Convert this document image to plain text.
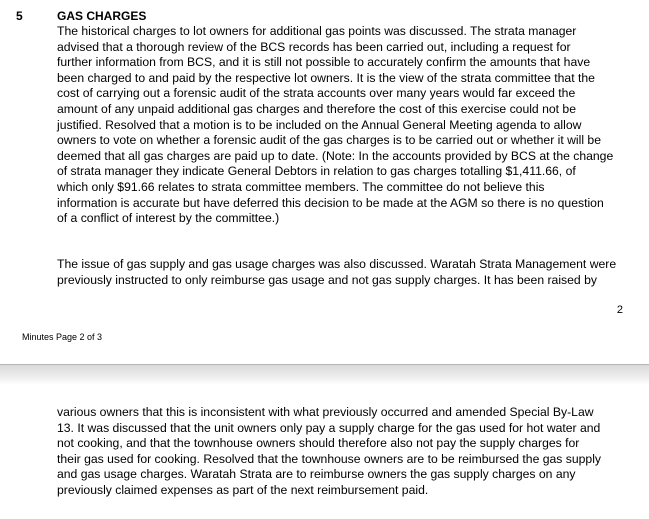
5	GAS CHARGES

The historical charges to lot owners for additional gas points was discussed. The strata manager
advised that a thorough review of the BCS records has been carried out, including a request for
further information from BCS, and it is still not possible to accurately confirm the amounts that have
been charged to and paid by the respective lot owners. It is the view of the strata committee that the
cost of carrying out a forensic audit of the strata accounts over many years would far exceed the
amount of any unpaid additional gas charges and therefore the cost of this exercise could not be
justified. Resolved that a motion is to be included on the Annual General Meeting agenda to allow
owners to vote on whether a forensic audit of the gas charges is to be carried out or whether it will be
deemed that all gas charges are paid up to date. (Note: In the accounts provided by BCS at the change
of strata manager they indicate General Debtors in relation to gas charges totalling $1,411.66, of
which only $91.66 relates to strata committee members. The committee do not believe this
information is accurate but have deferred this decision to be made at the AGM so there is no question
of a conflict of interest by the committee.)

The issue of gas supply and gas usage charges was also discussed. Waratah Strata Management were
previously instructed to only reimburse gas usage and not gas supply charges. It has been raised by

2
Minutes Page 2 of 3

various owners that this is inconsistent with what previously occurred and amended Special By-Law
13. It was discussed that the unit owners only pay a supply charge for the gas used for hot water and
not cooking, and that the townhouse owners should therefore also not pay the supply charges for
their gas used for cooking. Resolved that the townhouse owners are to be reimbursed the gas supply
and gas usage charges. Waratah Strata are to reimburse owners the gas supply charges on any
previously claimed expenses as part of the next reimbursement paid.
